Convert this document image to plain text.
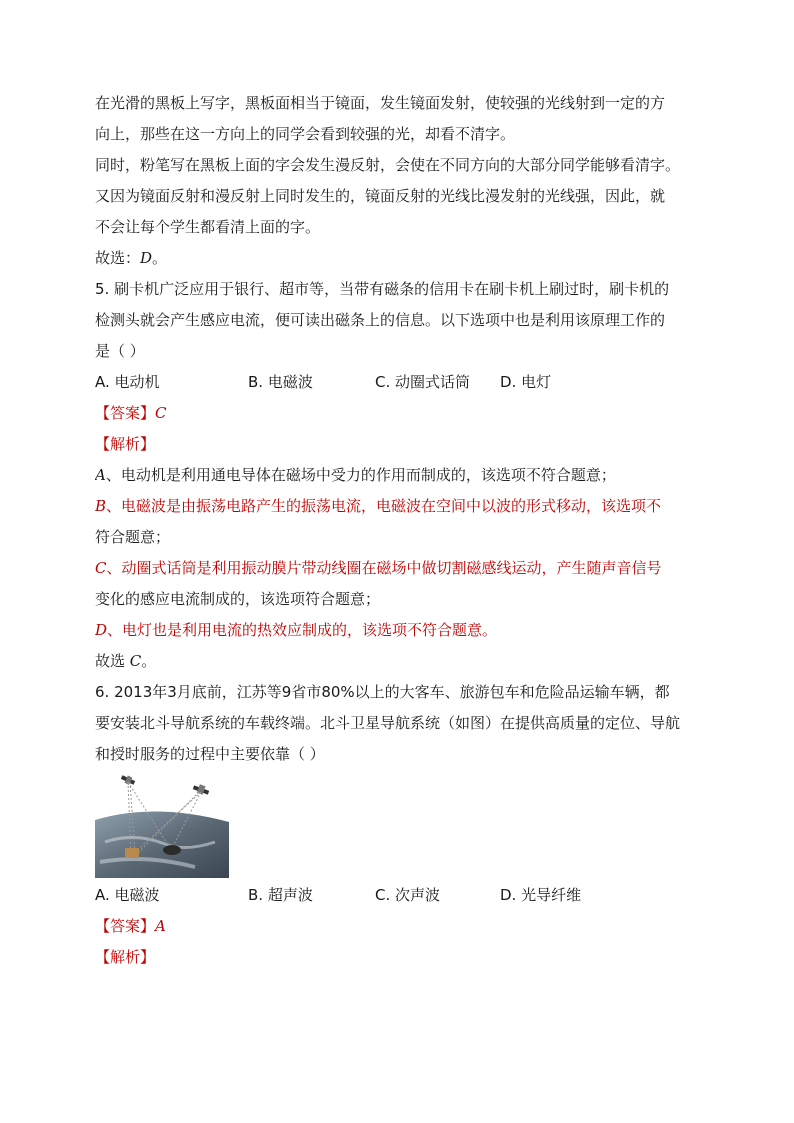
在光滑的黑板上写字，黑板面相当于镜面，发生镜面发射，使较强的光线射到一定的方
向上，那些在这一方向上的同学会看到较强的光，却看不清字。
同时，粉笔写在黑板上面的字会发生漫反射，会使在不同方向的大部分同学能够看清字。
又因为镜面反射和漫反射上同时发生的，镜面反射的光线比漫发射的光线强，因此，就
不会让每个学生都看清上面的字。
故选：D。
5. 刷卡机广泛应用于银行、超市等，当带有磁条的信用卡在刷卡机上刷过时，刷卡机的
检测头就会产生感应电流，便可读出磁条上的信息。以下选项中也是利用该原理工作的
是（ ）
A. 电动机	B. 电磁波	C. 动圈式话筒	D. 电灯
【答案】C
【解析】
A、电动机是利用通电导体在磁场中受力的作用而制成的，该选项不符合题意；
B、电磁波是由振荡电路产生的振荡电流，电磁波在空间中以波的形式移动，该选项不
符合题意；
C、动圈式话筒是利用振动膜片带动线圈在磁场中做切割磁感线运动，产生随声音信号
变化的感应电流制成的，该选项符合题意；
D、电灯也是利用电流的热效应制成的，该选项不符合题意。
故选 C。
6. 2013年3月底前，江苏等9省市80%以上的大客车、旅游包车和危险品运输车辆，都
要安装北斗导航系统的车载终端。北斗卫星导航系统（如图）在提供高质量的定位、导航
和授时服务的过程中主要依靠（ ）
A. 电磁波	B. 超声波	C. 次声波	D. 光导纤维
【答案】A
【解析】
